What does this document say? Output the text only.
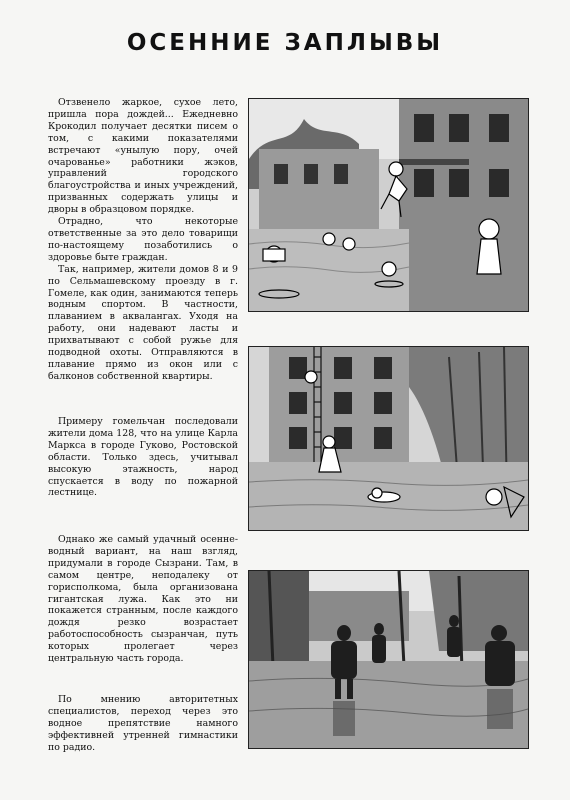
ОСЕННИЕ ЗАПЛЫВЫ

Отзвенело жаркое, сухое лето, пришла пора дождей... Ежедневно Крокодил получает десятки писем о том, с какими показателями встречают «унылую пору, очей очарованье» работники жэков, управлений городского благоустройства и иных учреждений, призванных содержать улицы и дворы в образцовом порядке.

Отрадно, что некоторые ответственные за это дело товарищи по-настоящему позаботились о здоровье быте граждан.

Так, например, жители домов 8 и 9 по Сельмашевскому проезду в г. Гомеле, как один, занимаются теперь водным спортом. В частности, плаванием в аквалангах. Уходя на работу, они надевают ласты и прихватывают с собой ружье для подводной охоты. Отправляются в плавание прямо из окон или с балконов собственной квартиры.

Примеру гомельчан последовали жители дома 128, что на улице Карла Маркса в городе Гуково, Ростовской области. Только здесь, учитывал высокую этажность, народ спускается в воду по пожарной лестнице.

Однако же самый удачный осенне-водный вариант, на наш взгляд, придумали в городе Сызрани. Там, в самом центре, неподалеку от горисполкома, была организована гигантская лужа. Как это ни покажется странным, после каждого дождя резко возрастает работоспособность сызранчан, путь которых пролегает через центральную часть города.

По мнению авторитетных специалистов, переход через это водное препятствие намного эффективней утренней гимнастики по радио.
